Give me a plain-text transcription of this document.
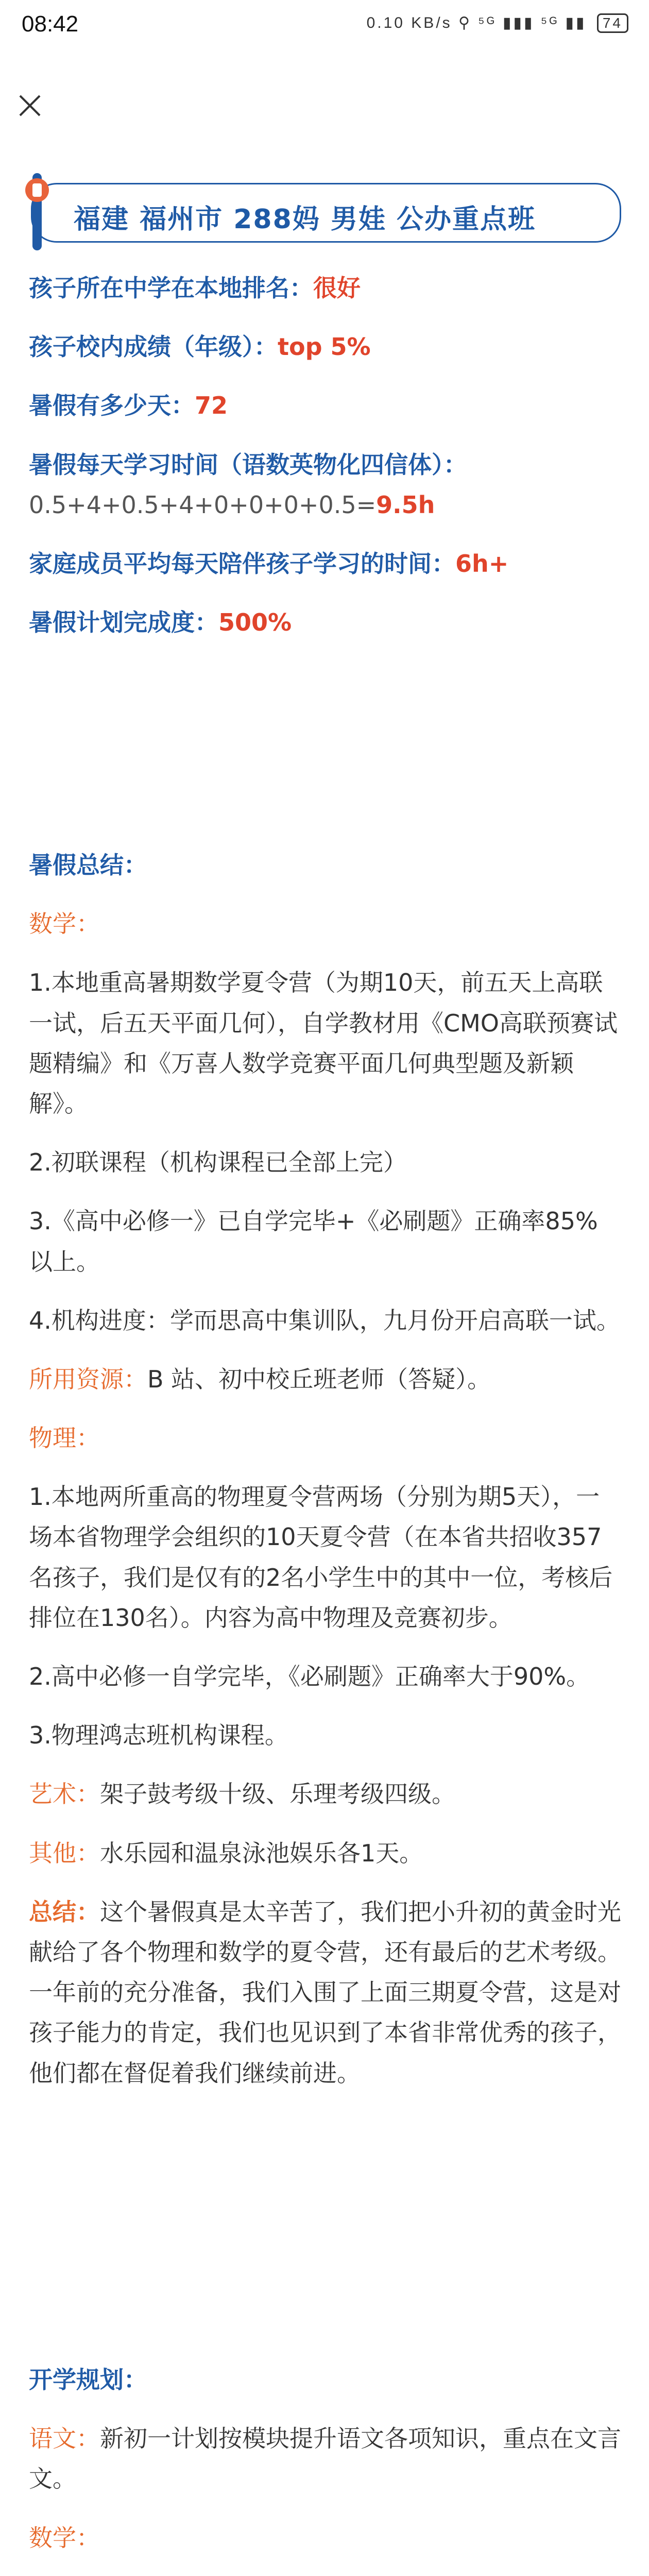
08:42	0.10 KB/s ⚲ ⁵ᴳ ▮▮▮ ⁵ᴳ ▮▮ 74
福建 福州市 288妈 男娃 公办重点班
孩子所在中学在本地排名：很好
孩子校内成绩（年级）：top 5%
暑假有多少天：72
暑假每天学习时间（语数英物化四信体）：0.5+4+0.5+4+0+0+0+0.5=9.5h
家庭成员平均每天陪伴孩子学习的时间：6h+
暑假计划完成度：500%
暑假总结：
数学：
1.本地重高暑期数学夏令营（为期10天，前五天上高联一试，后五天平面几何），自学教材用《CMO高联预赛试题精编》和《万喜人数学竞赛平面几何典型题及新颖解》。
2.初联课程（机构课程已全部上完）
3.《高中必修一》已自学完毕+《必刷题》正确率85%以上。
4.机构进度：学而思高中集训队，九月份开启高联一试。
所用资源：B 站、初中校丘班老师（答疑）。
物理：
1.本地两所重高的物理夏令营两场（分别为期5天），一场本省物理学会组织的10天夏令营（在本省共招收357名孩子，我们是仅有的2名小学生中的其中一位，考核后排位在130名）。内容为高中物理及竞赛初步。
2.高中必修一自学完毕，《必刷题》正确率大于90%。
3.物理鸿志班机构课程。
艺术：架子鼓考级十级、乐理考级四级。
其他：水乐园和温泉泳池娱乐各1天。
总结：这个暑假真是太辛苦了，我们把小升初的黄金时光献给了各个物理和数学的夏令营，还有最后的艺术考级。一年前的充分准备，我们入围了上面三期夏令营，这是对孩子能力的肯定，我们也见识到了本省非常优秀的孩子，他们都在督促着我们继续前进。
开学规划：
语文：新初一计划按模块提升语文各项知识，重点在文言文。
数学：
